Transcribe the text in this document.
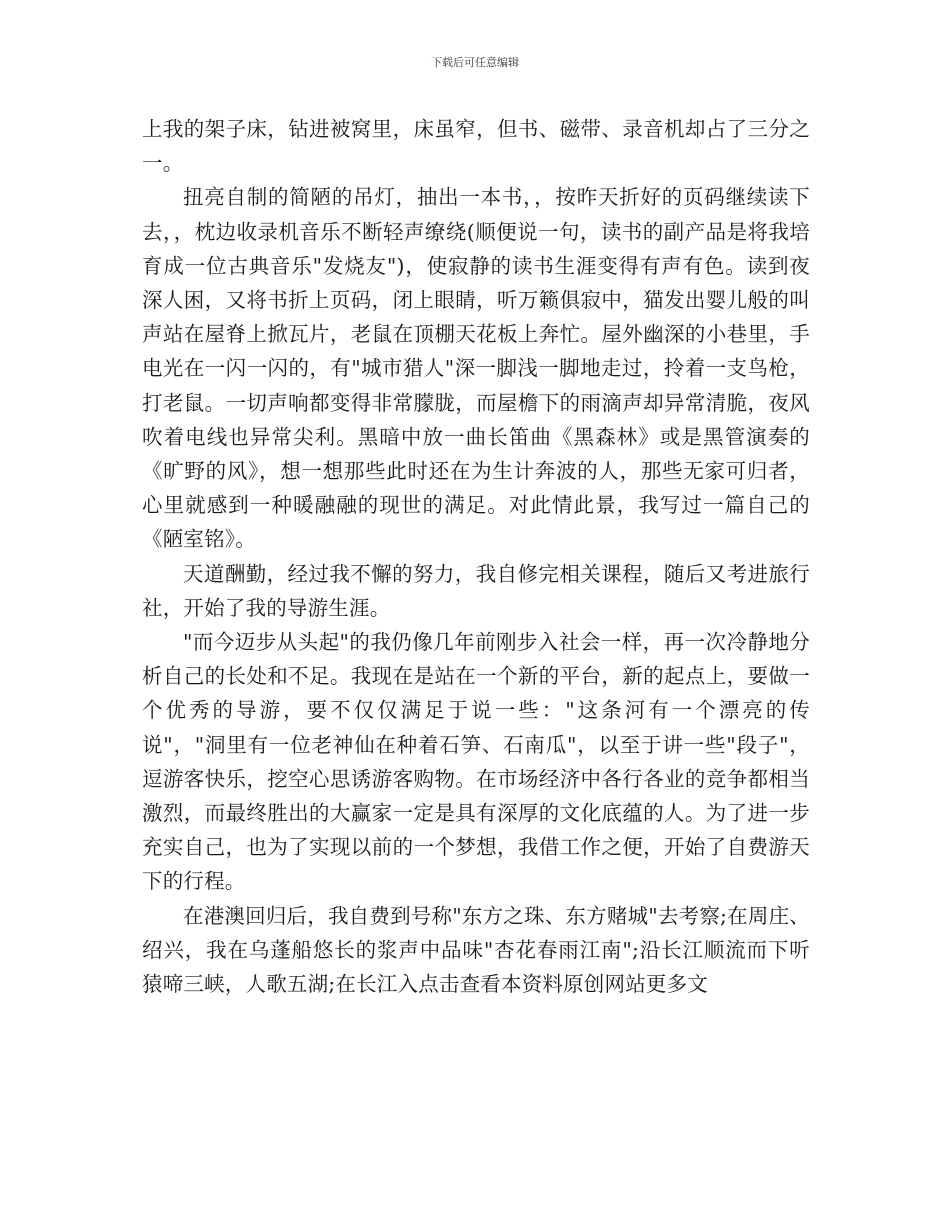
下载后可任意编辑

上我的架子床，钻进被窝里，床虽窄，但书、磁带、录音机却占了三分之一。

扭亮自制的简陋的吊灯，抽出一本书，，按昨天折好的页码继续读下去，，枕边收录机音乐不断轻声缭绕(顺便说一句，读书的副产品是将我培育成一位古典音乐"发烧友")，使寂静的读书生涯变得有声有色。读到夜深人困，又将书折上页码，闭上眼睛，听万籁俱寂中，猫发出婴儿般的叫声站在屋脊上掀瓦片，老鼠在顶棚天花板上奔忙。屋外幽深的小巷里，手电光在一闪一闪的，有"城市猎人"深一脚浅一脚地走过，拎着一支鸟枪，打老鼠。一切声响都变得非常朦胧，而屋檐下的雨滴声却异常清脆，夜风吹着电线也异常尖利。黑暗中放一曲长笛曲《黑森林》或是黑管演奏的《旷野的风》，想一想那些此时还在为生计奔波的人，那些无家可归者，心里就感到一种暖融融的现世的满足。对此情此景，我写过一篇自己的《陋室铭》。

天道酬勤，经过我不懈的努力，我自修完相关课程，随后又考进旅行社，开始了我的导游生涯。

"而今迈步从头起"的我仍像几年前刚步入社会一样，再一次冷静地分析自己的长处和不足。我现在是站在一个新的平台，新的起点上，要做一个优秀的导游，要不仅仅满足于说一些："这条河有一个漂亮的传说"，"洞里有一位老神仙在种着石笋、石南瓜"，以至于讲一些"段子"，逗游客快乐，挖空心思诱游客购物。在市场经济中各行各业的竞争都相当激烈，而最终胜出的大赢家一定是具有深厚的文化底蕴的人。为了进一步充实自己，也为了实现以前的一个梦想，我借工作之便，开始了自费游天下的行程。

在港澳回归后，我自费到号称"东方之珠、东方赌城"去考察;在周庄、绍兴，我在乌蓬船悠长的浆声中品味"杏花春雨江南";沿长江顺流而下听猿啼三峡，人歌五湖;在长江入点击查看本资料原创网站更多文
